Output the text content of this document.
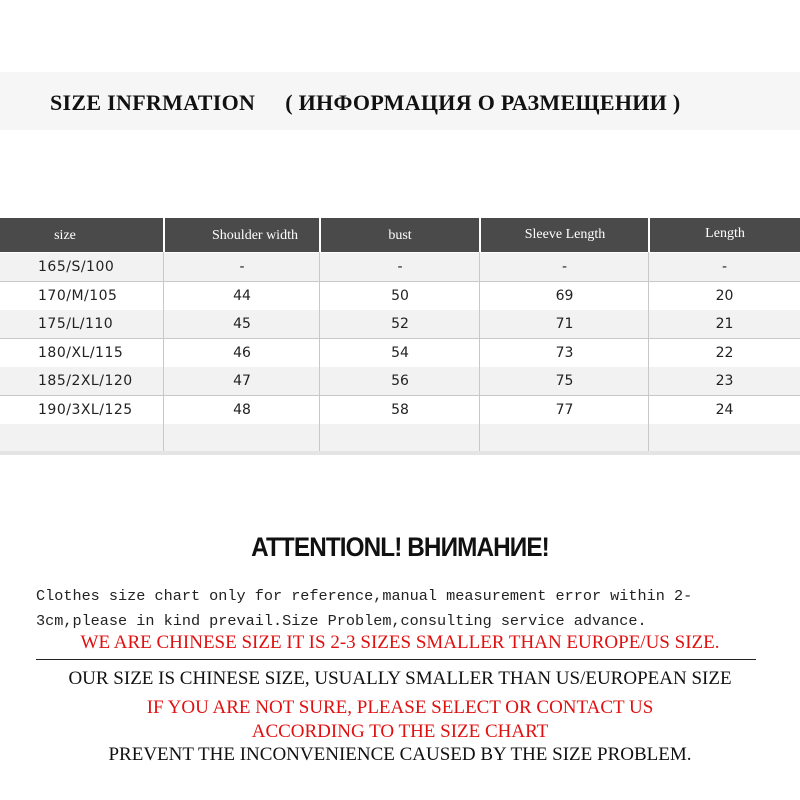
SIZE INFRMATION ( ИНФОРМАЦИЯ О РАЗМЕЩЕНИИ )
size	Shoulder width	bust	Sleeve Length	Length
165/S/100	-	-	-	-
170/M/105	44	50	69	20
175/L/110	45	52	71	21
180/XL/115	46	54	73	22
185/2XL/120	47	56	75	23
190/3XL/125	48	58	77	24
ATTENTIONL! ВНИМАНИЕ!
Clothes size chart only for reference,manual measurement error within 2-3cm,please in kind prevail.Size Problem,consulting service advance.
WE ARE CHINESE SIZE IT IS 2-3 SIZES SMALLER THAN EUROPE/US SIZE.
OUR SIZE IS CHINESE SIZE, USUALLY SMALLER THAN US/EUROPEAN SIZE
IF YOU ARE NOT SURE, PLEASE SELECT OR CONTACT US
ACCORDING TO THE SIZE CHART
PREVENT THE INCONVENIENCE CAUSED BY THE SIZE PROBLEM.
